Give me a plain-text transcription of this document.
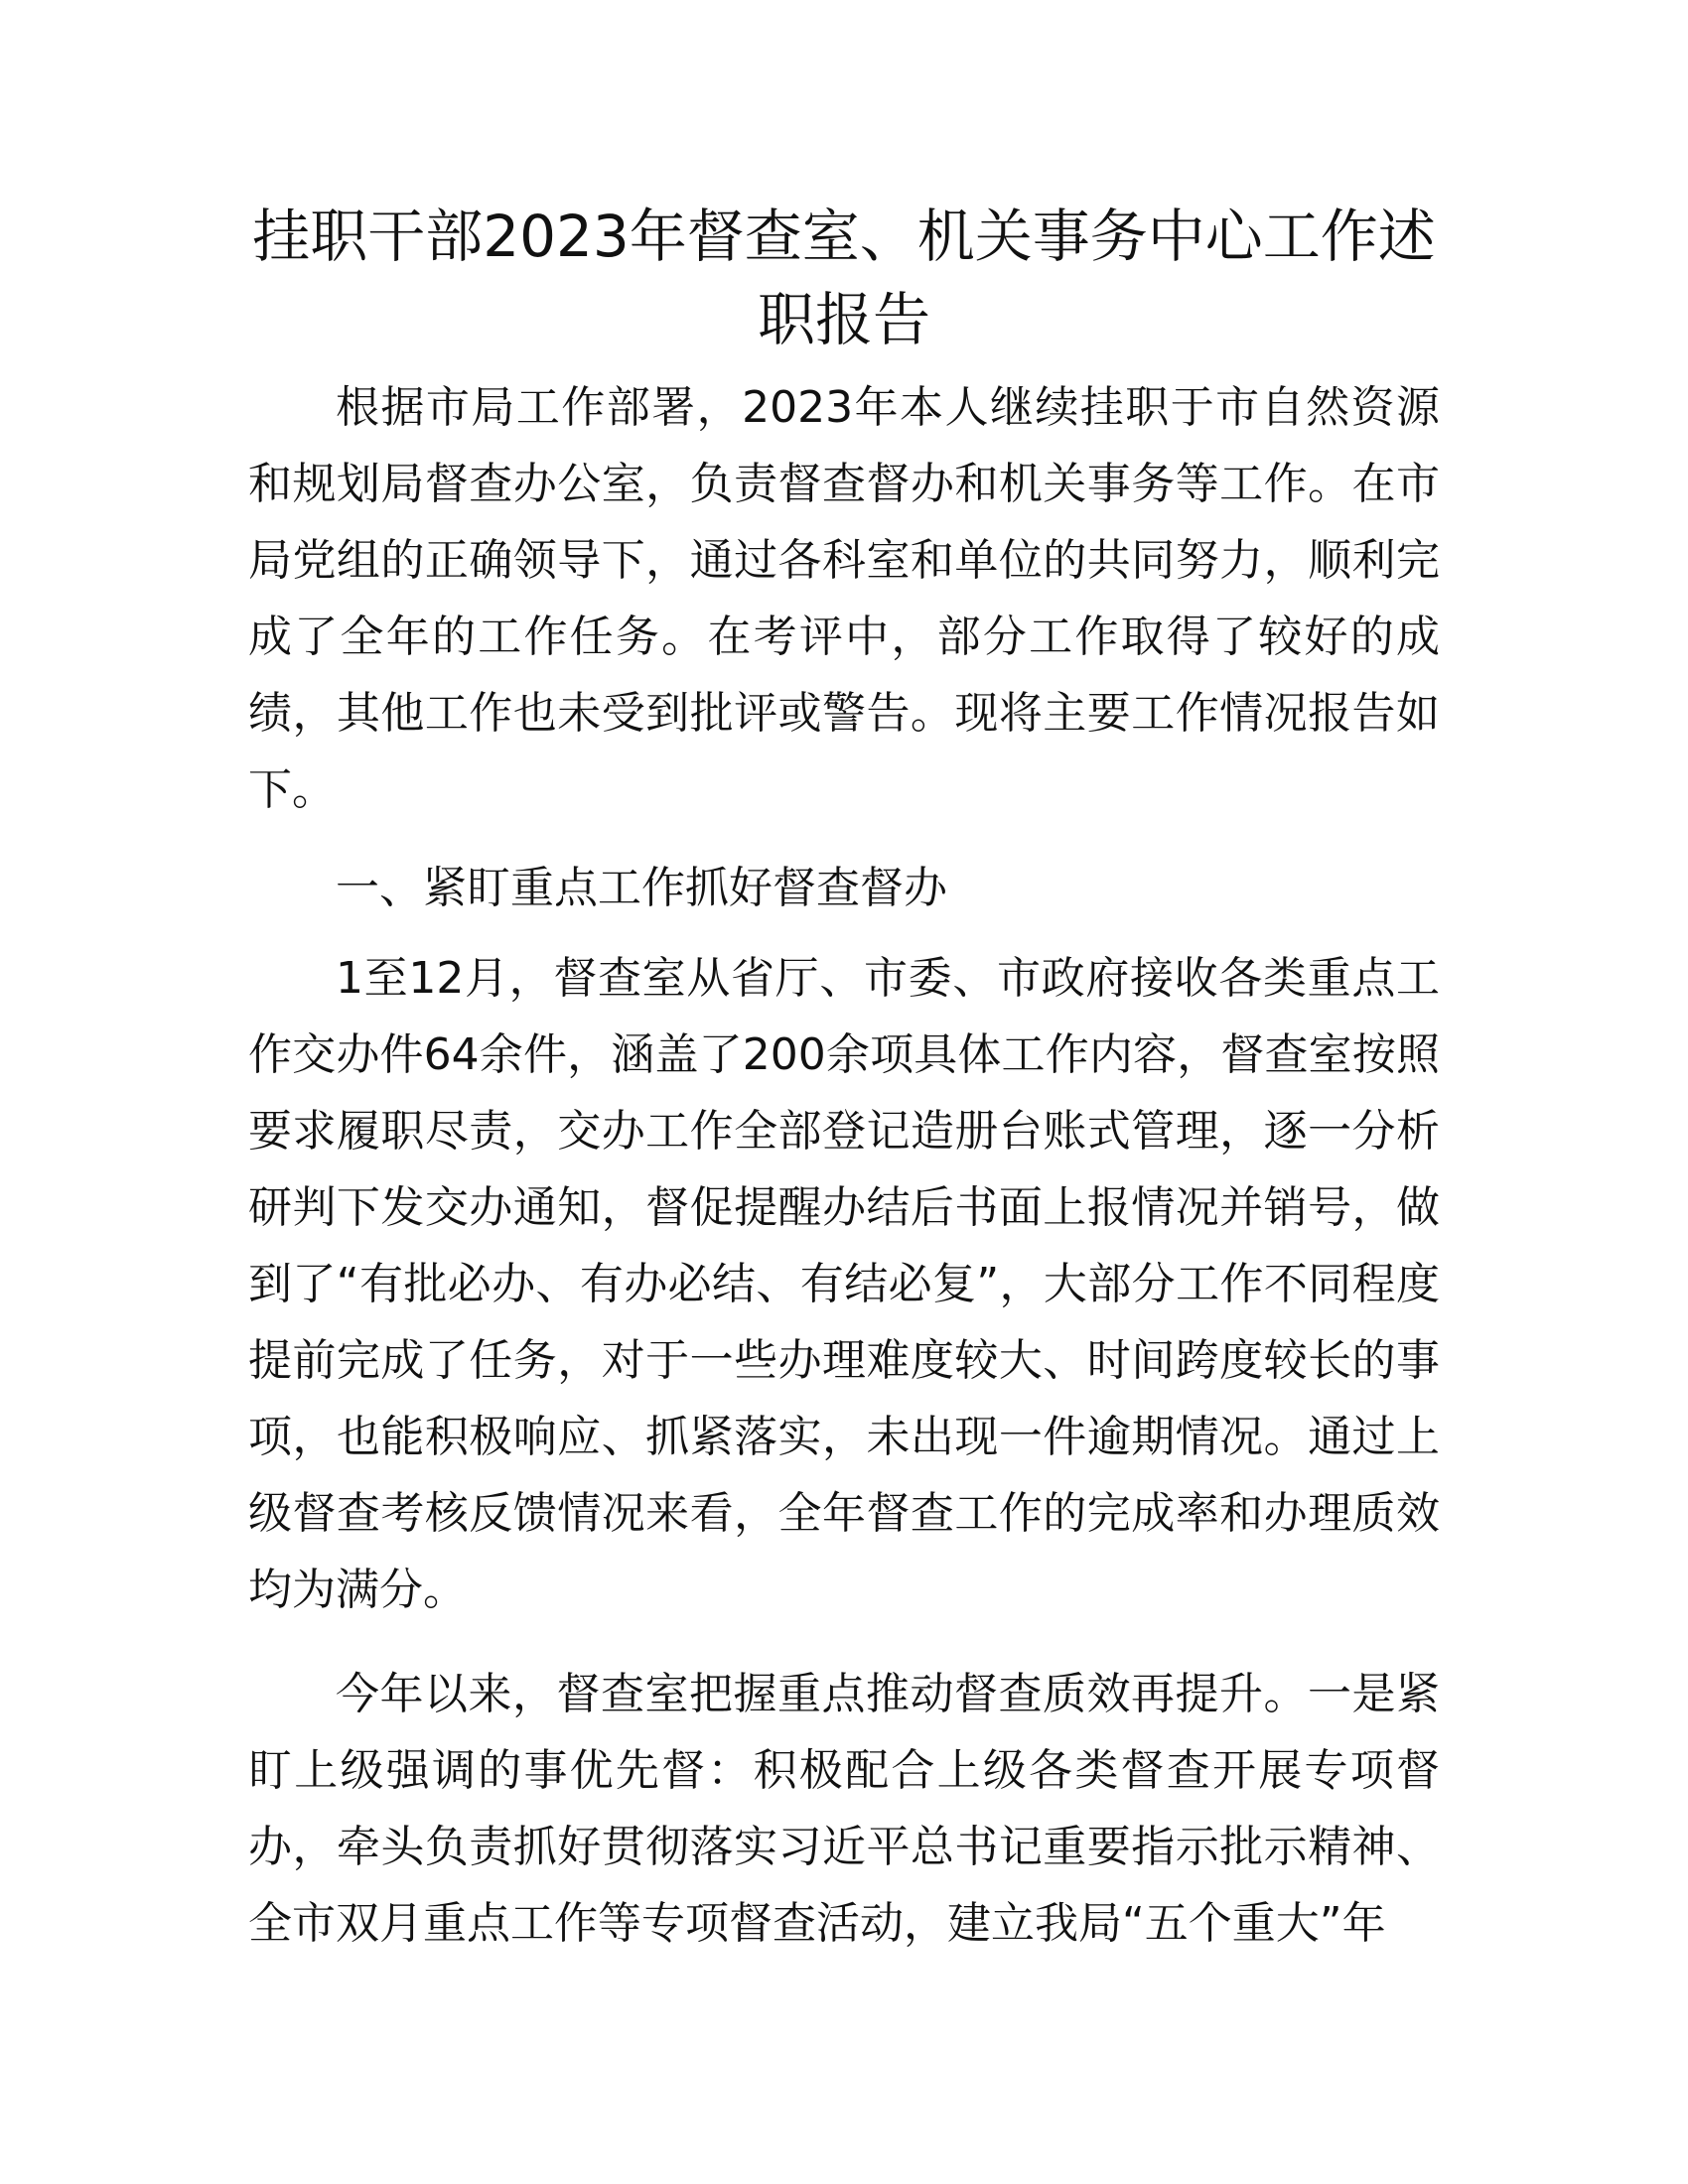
挂职干部2023年督查室、机关事务中心工作述
职报告

根据市局工作部署，2023年本人继续挂职于市自然资源和规划局督查办公室，负责督查督办和机关事务等工作。在市局党组的正确领导下，通过各科室和单位的共同努力，顺利完成了全年的工作任务。在考评中，部分工作取得了较好的成绩，其他工作也未受到批评或警告。现将主要工作情况报告如下。

一、紧盯重点工作抓好督查督办

1至12月，督查室从省厅、市委、市政府接收各类重点工作交办件64余件，涵盖了200余项具体工作内容，督查室按照要求履职尽责，交办工作全部登记造册台账式管理，逐一分析研判下发交办通知，督促提醒办结后书面上报情况并销号，做到了“有批必办、有办必结、有结必复”，大部分工作不同程度提前完成了任务，对于一些办理难度较大、时间跨度较长的事项，也能积极响应、抓紧落实，未出现一件逾期情况。通过上级督查考核反馈情况来看，全年督查工作的完成率和办理质效均为满分。

今年以来，督查室把握重点推动督查质效再提升。一是紧盯上级强调的事优先督：积极配合上级各类督查开展专项督办，牵头负责抓好贯彻落实习近平总书记重要指示批示精神、全市双月重点工作等专项督查活动，建立我局“五个重大”年
